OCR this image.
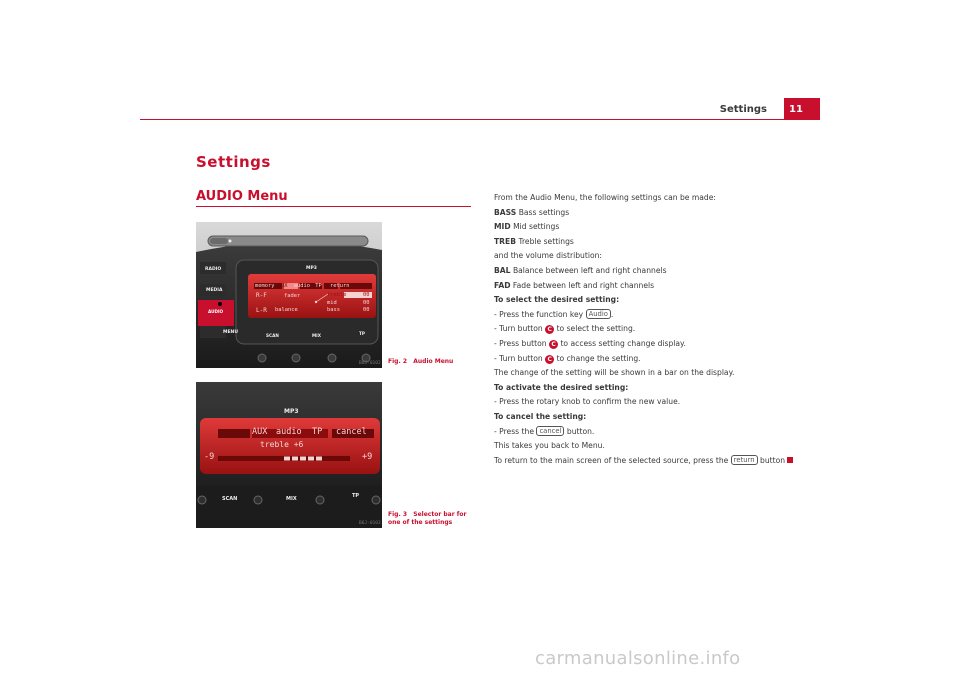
Settings	11
Settings
AUDIO Menu
RADIO
MEDIA
AUDIO
MENU
MP3
memory AUX audio TP return
R-F	fader	treble	00
mid	00
L-R balance	bass	00
SCAN	MIX	TP
B6J-0102 Fig. 2   Audio Menu
MP3
AUX audio TP cancel
treble +6
-9	+9
SCAN	MIX	TP
B6J-0103
Fig. 3   Selector bar for
one of the settings

From the Audio Menu, the following settings can be made:

BASS Bass settings

MID Mid settings

TREB Treble settings

and the volume distribution:

BAL Balance between left and right channels

FAD Fade between left and right channels

To select the desired setting:

- Press the function key Audio .

- Turn button C to select the setting.

- Press button C to access setting change display.

- Turn button C to change the setting.

The change of the setting will be shown in a bar on the display.

To activate the desired setting:

- Press the rotary knob to confirm the new value.

To cancel the setting:

- Press the cancel button.

This takes you back to Menu.

To return to the main screen of the selected source, press the return button

carmanualsonline.info
